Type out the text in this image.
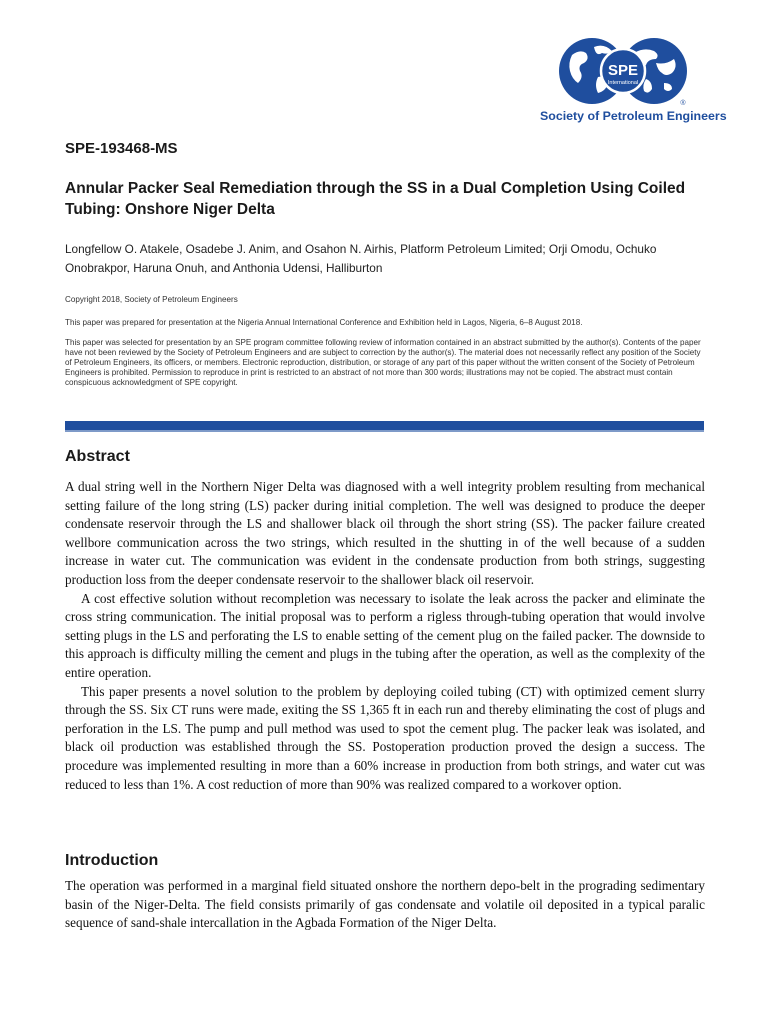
SPE
International
®
Society of Petroleum Engineers
SPE-193468-MS
Annular Packer Seal Remediation through the SS in a Dual Completion Using Coiled Tubing: Onshore Niger Delta
Longfellow O. Atakele, Osadebe J. Anim, and Osahon N. Airhis, Platform Petroleum Limited; Orji Omodu, Ochuko Onobrakpor, Haruna Onuh, and Anthonia Udensi, Halliburton
Copyright 2018, Society of Petroleum Engineers
This paper was prepared for presentation at the Nigeria Annual International Conference and Exhibition held in Lagos, Nigeria, 6–8 August 2018.
This paper was selected for presentation by an SPE program committee following review of information contained in an abstract submitted by the author(s). Contents of the paper have not been reviewed by the Society of Petroleum Engineers and are subject to correction by the author(s). The material does not necessarily reflect any position of the Society of Petroleum Engineers, its officers, or members. Electronic reproduction, distribution, or storage of any part of this paper without the written consent of the Society of Petroleum Engineers is prohibited. Permission to reproduce in print is restricted to an abstract of not more than 300 words; illustrations may not be copied. The abstract must contain conspicuous acknowledgment of SPE copyright.
Abstract

A dual string well in the Northern Niger Delta was diagnosed with a well integrity problem resulting from mechanical setting failure of the long string (LS) packer during initial completion. The well was designed to produce the deeper condensate reservoir through the LS and shallower black oil through the short string (SS). The packer failure created wellbore communication across the two strings, which resulted in the shutting in of the well because of a sudden increase in water cut. The communication was evident in the condensate production from both strings, suggesting production loss from the deeper condensate reservoir to the shallower black oil reservoir.

A cost effective solution without recompletion was necessary to isolate the leak across the packer and eliminate the cross string communication. The initial proposal was to perform a rigless through-tubing operation that would involve setting plugs in the LS and perforating the LS to enable setting of the cement plug on the failed packer. The downside to this approach is difficulty milling the cement and plugs in the tubing after the operation, as well as the complexity of the entire operation.

This paper presents a novel solution to the problem by deploying coiled tubing (CT) with optimized cement slurry through the SS. Six CT runs were made, exiting the SS 1,365 ft in each run and thereby eliminating the cost of plugs and perforation in the LS. The pump and pull method was used to spot the cement plug. The packer leak was isolated, and black oil production was established through the SS. Postoperation production proved the design a success. The procedure was implemented resulting in more than a 60% increase in production from both strings, and water cut was reduced to less than 1%. A cost reduction of more than 90% was realized compared to a workover option.

Introduction

The operation was performed in a marginal field situated onshore the northern depo-belt in the prograding sedimentary basin of the Niger-Delta. The field consists primarily of gas condensate and volatile oil deposited in a typical paralic sequence of sand-shale intercallation in the Agbada Formation of the Niger Delta.
